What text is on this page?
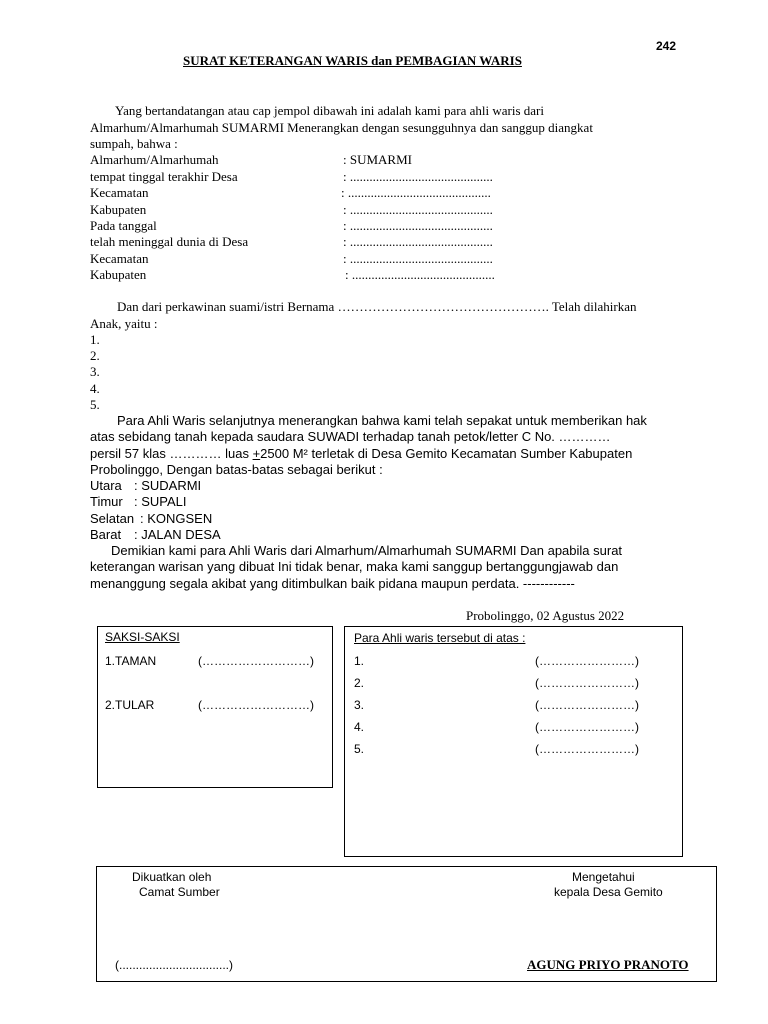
242
SURAT KETERANGAN WARIS dan PEMBAGIAN WARIS
Yang bertandatangan atau cap jempol dibawah ini adalah kami para ahli waris dari
Almarhum/Almarhumah SUMARMI Menerangkan dengan sesungguhnya dan sanggup diangkat
sumpah, bahwa :
Almarhum/Almarhumah	: SUMARMI
tempat tinggal terakhir Desa	: ............................................
Kecamatan	: ............................................
Kabupaten	: ............................................
Pada tanggal	: ............................................
telah meninggal dunia di Desa	: ............................................
Kecamatan	: ............................................
Kabupaten	: ............................................
Dan dari perkawinan suami/istri Bernama …………………………………………. Telah dilahirkan
Anak, yaitu :
1.
2.
3.
4.
5.
Para Ahli Waris selanjutnya menerangkan bahwa kami telah sepakat untuk memberikan hak
atas sebidang tanah kepada saudara SUWADI terhadap tanah petok/letter C No. …………
persil 57 klas ………… luas +2500 M² terletak di Desa Gemito Kecamatan Sumber Kabupaten
Probolinggo, Dengan batas-batas sebagai berikut :
Utara : SUDARMI
Timur : SUPALI
Selatan : KONGSEN
Barat : JALAN DESA
Demikian kami para Ahli Waris dari Almarhum/Almarhumah SUMARMI Dan apabila surat
keterangan warisan yang dibuat Ini tidak benar, maka kami sanggup bertanggungjawab dan
menanggung segala akibat yang ditimbulkan baik pidana maupun perdata. ------------
Probolinggo, 02 Agustus 2022
SAKSI-SAKSI
1.TAMAN	(………………………)
2.TULAR	(………………………)
Para Ahli waris tersebut di atas :
1.	(……………………)
2.	(……………………)
3.	(……………………)
4.	(……………………)
5.	(……………………)
Dikuatkan oleh
Camat Sumber
(.................................)
Mengetahui
kepala Desa Gemito
AGUNG PRIYO PRANOTO
